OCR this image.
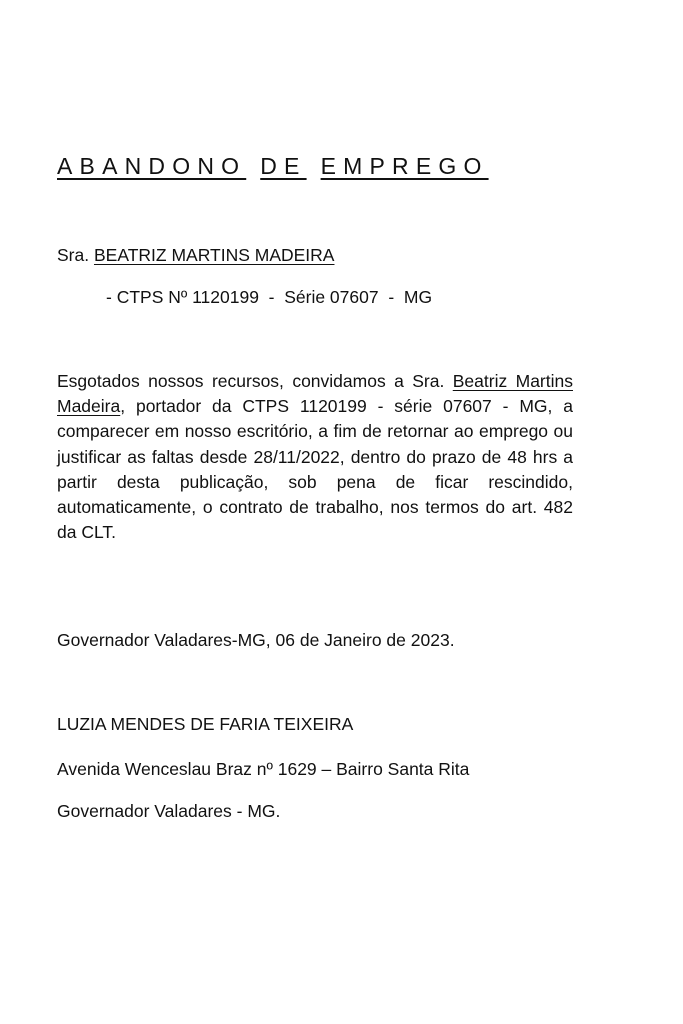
ABANDONO DE EMPREGO
Sra. BEATRIZ MARTINS MADEIRA
- CTPS Nº 1120199  -  Série 07607  -  MG

Esgotados nossos recursos, convidamos a Sra. Beatriz Martins Madeira, portador da CTPS 1120199 - série 07607 - MG, a comparecer em nosso escritório, a fim de retornar ao emprego ou justificar as faltas desde 28/11/2022, dentro do prazo de 48 hrs a partir desta publicação, sob pena de ficar rescindido, automaticamente, o contrato de trabalho, nos termos do art. 482 da CLT.

Governador Valadares-MG, 06 de Janeiro de 2023.
LUZIA MENDES DE FARIA TEIXEIRA
Avenida Wenceslau Braz nº 1629 – Bairro Santa Rita
Governador Valadares - MG.
